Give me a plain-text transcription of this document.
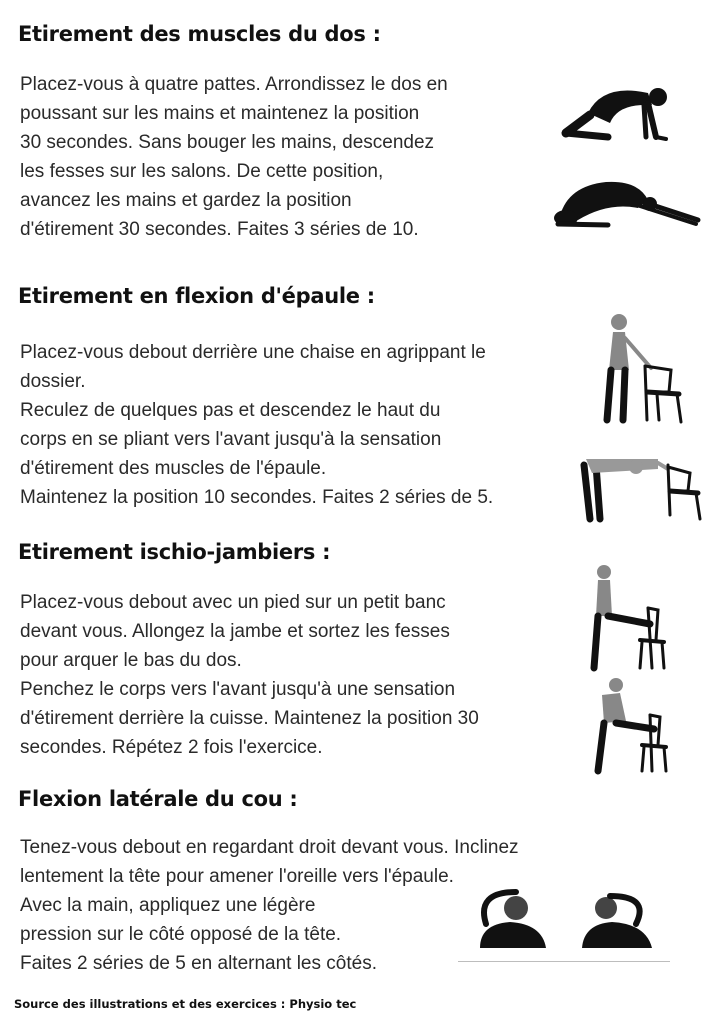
Etirement des muscles du dos :
Placez-vous à quatre pattes. Arrondissez le dos en
poussant sur les mains et maintenez la position
30 secondes. Sans bouger les mains, descendez
les fesses sur les salons. De cette position,
avancez les mains et gardez la position
d'étirement 30 secondes. Faites 3 séries de 10.
Etirement en flexion d'épaule :
Placez-vous debout derrière une chaise en agrippant le
dossier.
Reculez de quelques pas et descendez le haut du
corps en se pliant vers l'avant jusqu'à la sensation
d'étirement des muscles de l'épaule.
Maintenez la position 10 secondes. Faites 2 séries de 5.
Etirement ischio-jambiers :
Placez-vous debout avec un pied sur un petit banc
devant vous. Allongez la jambe et sortez les fesses
pour arquer le bas du dos.
Penchez le corps vers l'avant jusqu'à une sensation
d'étirement derrière la cuisse. Maintenez la position 30
secondes. Répétez 2 fois l'exercice.
Flexion latérale du cou :
Tenez-vous debout en regardant droit devant vous. Inclinez
lentement la tête pour amener l'oreille vers l'épaule.
Avec la main, appliquez une légère
pression sur le côté opposé de la tête.
Faites 2 séries de 5 en alternant les côtés.
Source des illustrations et des exercices : Physio tec
